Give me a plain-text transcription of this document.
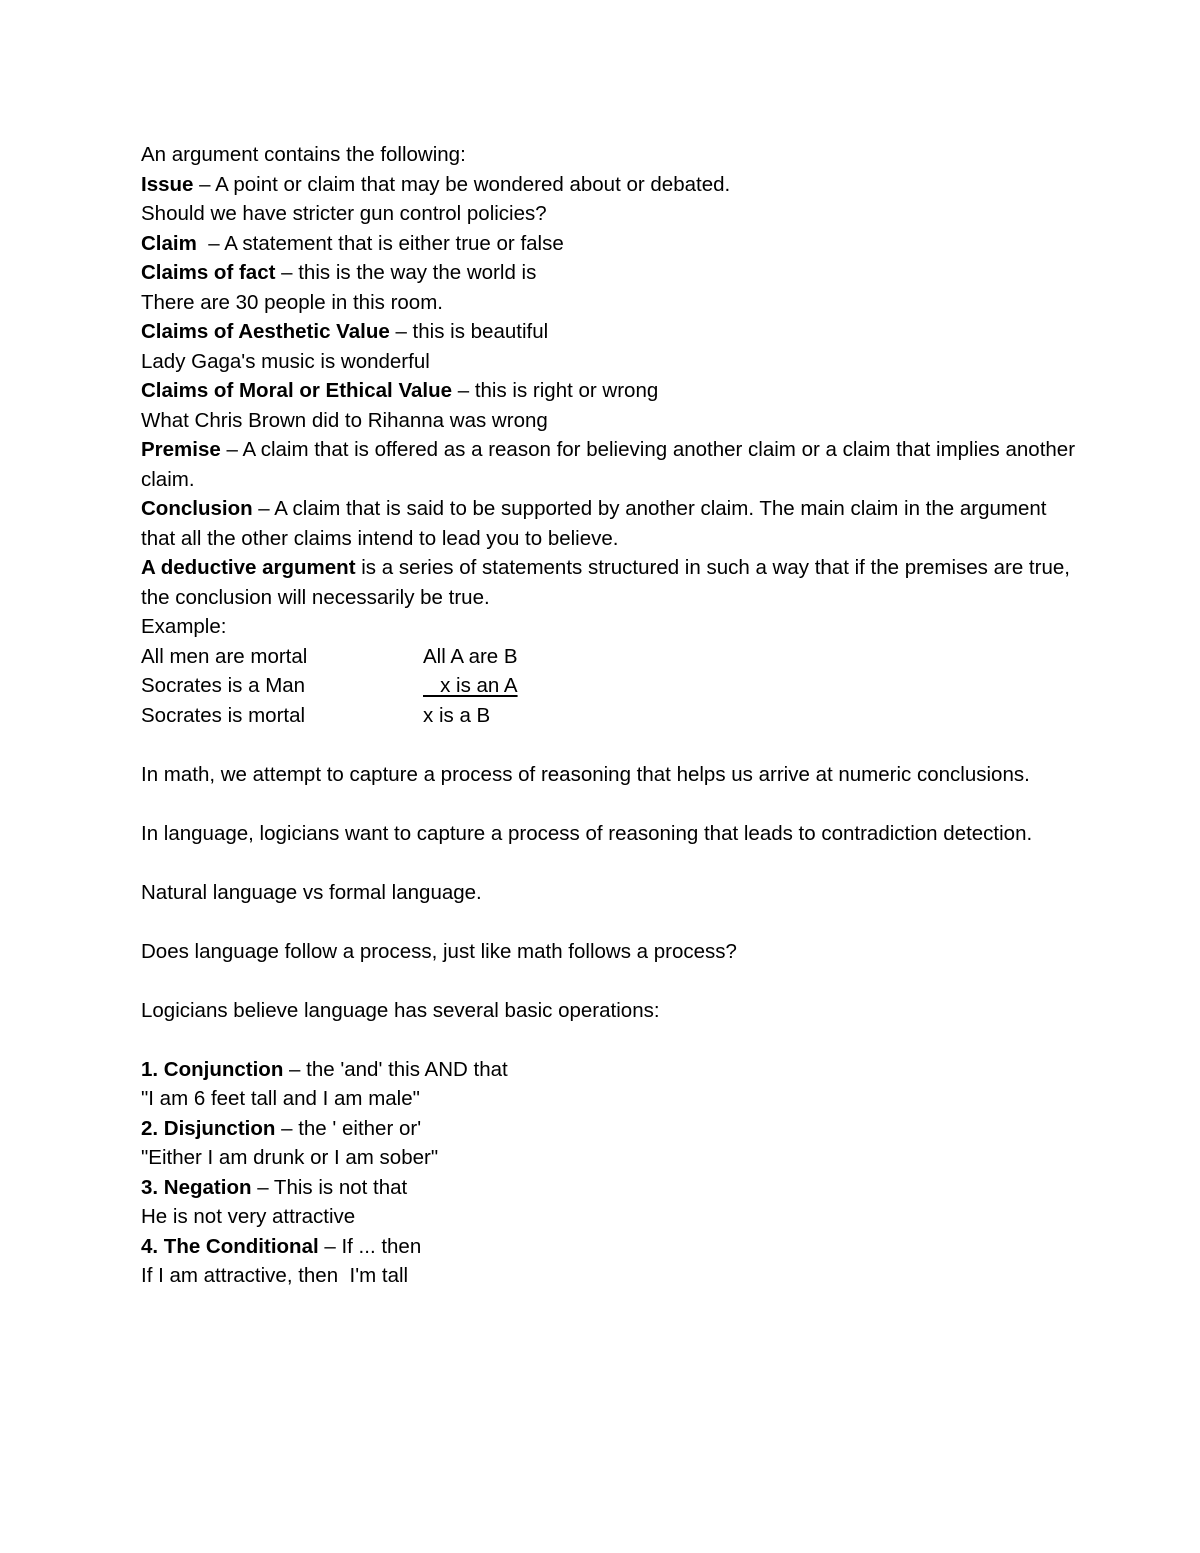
An argument contains the following:
Issue – A point or claim that may be wondered about or debated.
Should we have stricter gun control policies?
Claim  – A statement that is either true or false
Claims of fact – this is the way the world is
There are 30 people in this room.
Claims of Aesthetic Value – this is beautiful
Lady Gaga's music is wonderful
Claims of Moral or Ethical Value – this is right or wrong
What Chris Brown did to Rihanna was wrong
Premise – A claim that is offered as a reason for believing another claim or a claim that implies another claim.
Conclusion – A claim that is said to be supported by another claim. The main claim in the argument that all the other claims intend to lead you to believe.
A deductive argument is a series of statements structured in such a way that if the premises are true, the conclusion will necessarily be true.
Example:
All men are mortal	All A are B
Socrates is a Man	x is an A
Socrates is mortal	x is a B
In math, we attempt to capture a process of reasoning that helps us arrive at numeric conclusions.
In language, logicians want to capture a process of reasoning that leads to contradiction detection.
Natural language vs formal language.
Does language follow a process, just like math follows a process?
Logicians believe language has several basic operations:
1. Conjunction – the 'and' this AND that
"I am 6 feet tall and I am male"
2. Disjunction – the ' either or'
"Either I am drunk or I am sober"
3. Negation – This is not that
He is not very attractive
4. The Conditional – If ... then
If I am attractive, then  I'm tall
